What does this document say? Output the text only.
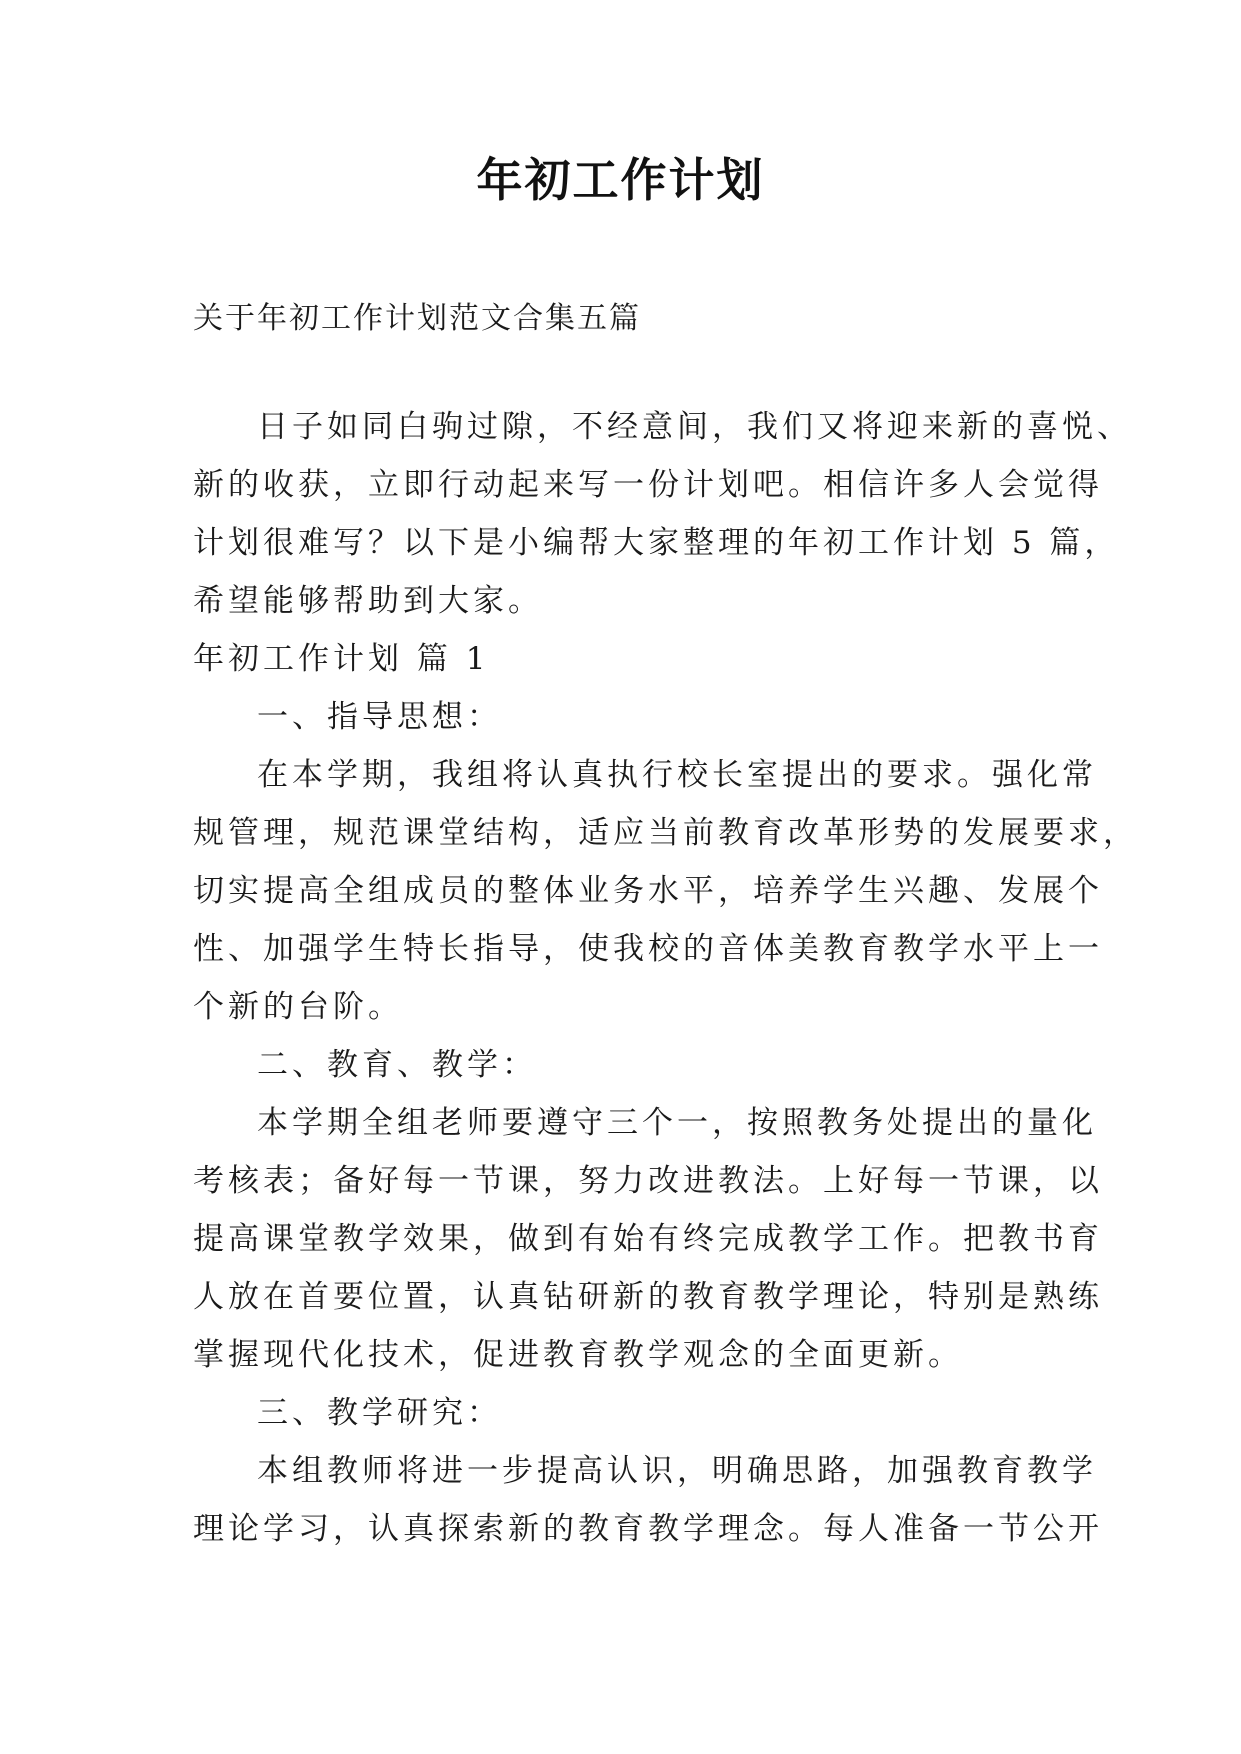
年初工作计划
关于年初工作计划范文合集五篇
日子如同白驹过隙，不经意间，我们又将迎来新的喜悦、
新的收获，立即行动起来写一份计划吧。相信许多人会觉得
计划很难写？以下是小编帮大家整理的年初工作计划 5 篇，
希望能够帮助到大家。
年初工作计划 篇 1
一、指导思想：
在本学期，我组将认真执行校长室提出的要求。强化常
规管理，规范课堂结构，适应当前教育改革形势的发展要求，
切实提高全组成员的整体业务水平，培养学生兴趣、发展个
性、加强学生特长指导，使我校的音体美教育教学水平上一
个新的台阶。
二、教育、教学：
本学期全组老师要遵守三个一，按照教务处提出的量化
考核表；备好每一节课，努力改进教法。上好每一节课，以
提高课堂教学效果，做到有始有终完成教学工作。把教书育
人放在首要位置，认真钻研新的教育教学理论，特别是熟练
掌握现代化技术，促进教育教学观念的全面更新。
三、教学研究：
本组教师将进一步提高认识，明确思路，加强教育教学
理论学习，认真探索新的教育教学理念。每人准备一节公开
